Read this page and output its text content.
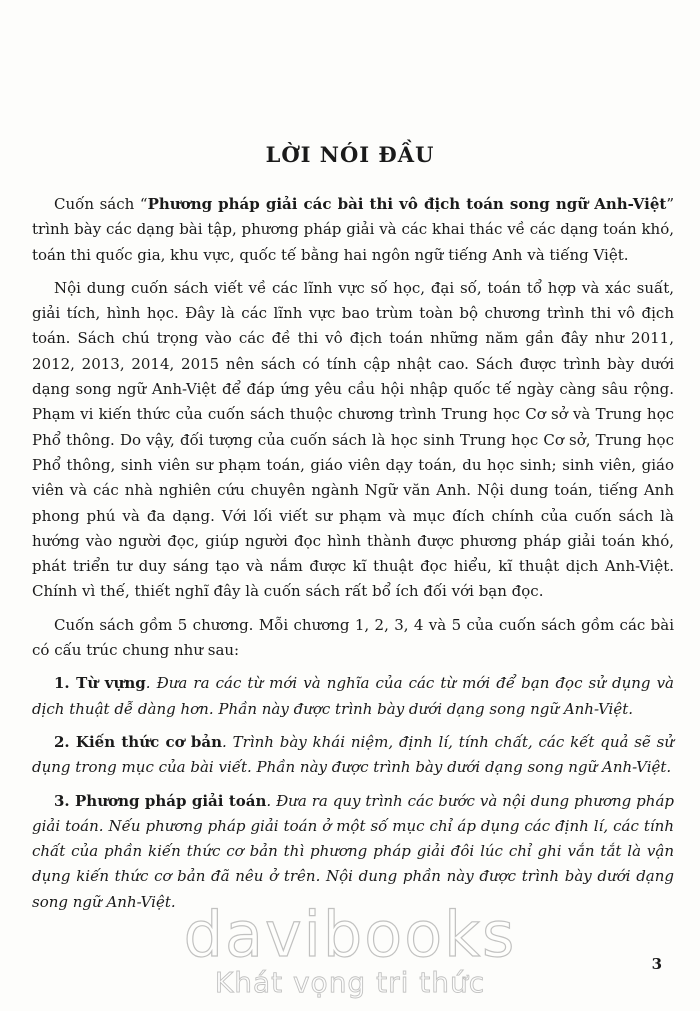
LỜI NÓI ĐẦU

Cuốn sách “Phương pháp giải các bài thi vô địch toán song ngữ Anh-Việt” trình bày các dạng bài tập, phương pháp giải và các khai thác về các dạng toán khó, toán thi quốc gia, khu vực, quốc tế bằng hai ngôn ngữ tiếng Anh và tiếng Việt.

Nội dung cuốn sách viết về các lĩnh vực số học, đại số, toán tổ hợp và xác suất, giải tích, hình học. Đây là các lĩnh vực bao trùm toàn bộ chương trình thi vô địch toán. Sách chú trọng vào các đề thi vô địch toán những năm gần đây như 2011, 2012, 2013, 2014, 2015 nên sách có tính cập nhật cao. Sách được trình bày dưới dạng song ngữ Anh-Việt để đáp ứng yêu cầu hội nhập quốc tế ngày càng sâu rộng. Phạm vi kiến thức của cuốn sách thuộc chương trình Trung học Cơ sở và Trung học Phổ thông. Do vậy, đối tượng của cuốn sách là học sinh Trung học Cơ sở, Trung học Phổ thông, sinh viên sư phạm toán, giáo viên dạy toán, du học sinh; sinh viên, giáo viên và các nhà nghiên cứu chuyên ngành Ngữ văn Anh. Nội dung toán, tiếng Anh phong phú và đa dạng. Với lối viết sư phạm và mục đích chính của cuốn sách là hướng vào người đọc, giúp người đọc hình thành được phương pháp giải toán khó, phát triển tư duy sáng tạo và nắm được kĩ thuật đọc hiểu, kĩ thuật dịch Anh-Việt. Chính vì thế, thiết nghĩ đây là cuốn sách rất bổ ích đối với bạn đọc.

Cuốn sách gồm 5 chương. Mỗi chương 1, 2, 3, 4 và 5 của cuốn sách gồm các bài có cấu trúc chung như sau:

1. Từ vựng. Đưa ra các từ mới và nghĩa của các từ mới để bạn đọc sử dụng và dịch thuật dễ dàng hơn. Phần này được trình bày dưới dạng song ngữ Anh-Việt.

2. Kiến thức cơ bản. Trình bày khái niệm, định lí, tính chất, các kết quả sẽ sử dụng trong mục của bài viết. Phần này được trình bày dưới dạng song ngữ Anh-Việt.

3. Phương pháp giải toán. Đưa ra quy trình các bước và nội dung phương pháp giải toán. Nếu phương pháp giải toán ở một số mục chỉ áp dụng các định lí, các tính chất của phần kiến thức cơ bản thì phương pháp giải đôi lúc chỉ ghi vắn tắt là vận dụng kiến thức cơ bản đã nêu ở trên. Nội dung phần này được trình bày dưới dạng song ngữ Anh-Việt. davibooks
Khát vọng tri thức
3
